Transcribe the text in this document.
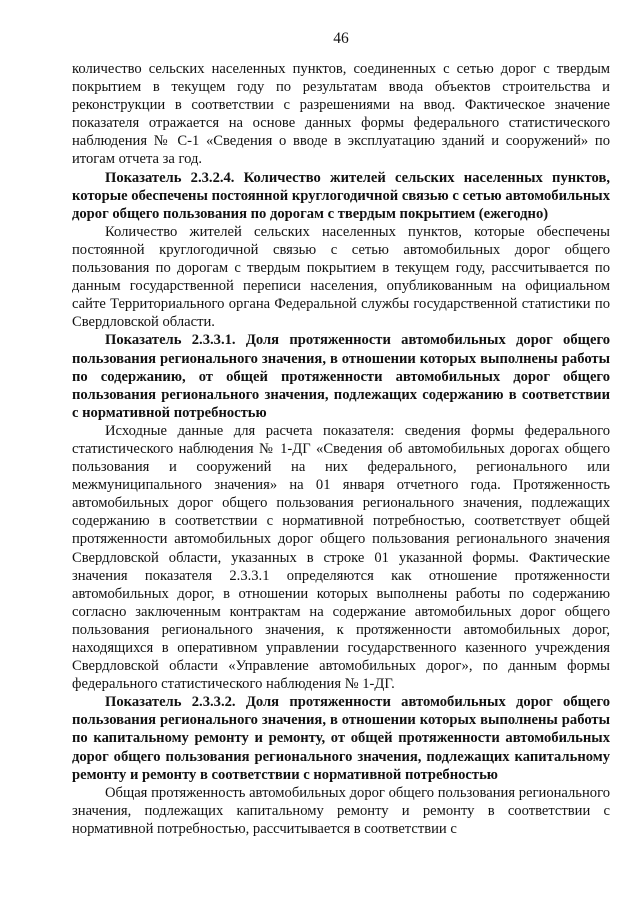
46

количество сельских населенных пунктов, соединенных с сетью дорог с твердым покрытием в текущем году по результатам ввода объектов строительства и реконструкции в соответствии с разрешениями на ввод. Фактическое значение показателя отражается на основе данных формы федерального статистического наблюдения № С-1 «Сведения о вводе в эксплуатацию зданий и сооружений» по итогам отчета за год.

Показатель 2.3.2.4. Количество жителей сельских населенных пунктов, которые обеспечены постоянной круглогодичной связью с сетью автомобильных дорог общего пользования по дорогам с твердым покрытием (ежегодно)

Количество жителей сельских населенных пунктов, которые обеспечены постоянной круглогодичной связью с сетью автомобильных дорог общего пользования по дорогам с твердым покрытием в текущем году, рассчитывается по данным государственной переписи населения, опубликованным на официальном сайте Территориального органа Федеральной службы государственной статистики по Свердловской области.

Показатель 2.3.3.1. Доля протяженности автомобильных дорог общего пользования регионального значения, в отношении которых выполнены работы по содержанию, от общей протяженности автомобильных дорог общего пользования регионального значения, подлежащих содержанию в соответствии с нормативной потребностью

Исходные данные для расчета показателя: сведения формы федерального статистического наблюдения № 1-ДГ «Сведения об автомобильных дорогах общего пользования и сооружений на них федерального, регионального или межмуниципального значения» на 01 января отчетного года. Протяженность автомобильных дорог общего пользования регионального значения, подлежащих содержанию в соответствии с нормативной потребностью, соответствует общей протяженности автомобильных дорог общего пользования регионального значения Свердловской области, указанных в строке 01 указанной формы. Фактические значения показателя 2.3.3.1 определяются как отношение протяженности автомобильных дорог, в отношении которых выполнены работы по содержанию согласно заключенным контрактам на содержание автомобильных дорог общего пользования регионального значения, к протяженности автомобильных дорог, находящихся в оперативном управлении государственного казенного учреждения Свердловской области «Управление автомобильных дорог», по данным формы федерального статистического наблюдения № 1-ДГ.

Показатель 2.3.3.2. Доля протяженности автомобильных дорог общего пользования регионального значения, в отношении которых выполнены работы по капитальному ремонту и ремонту, от общей протяженности автомобильных дорог общего пользования регионального значения, подлежащих капитальному ремонту и ремонту в соответствии с нормативной потребностью

Общая протяженность автомобильных дорог общего пользования регионального значения, подлежащих капитальному ремонту и ремонту в соответствии с нормативной потребностью, рассчитывается в соответствии с
